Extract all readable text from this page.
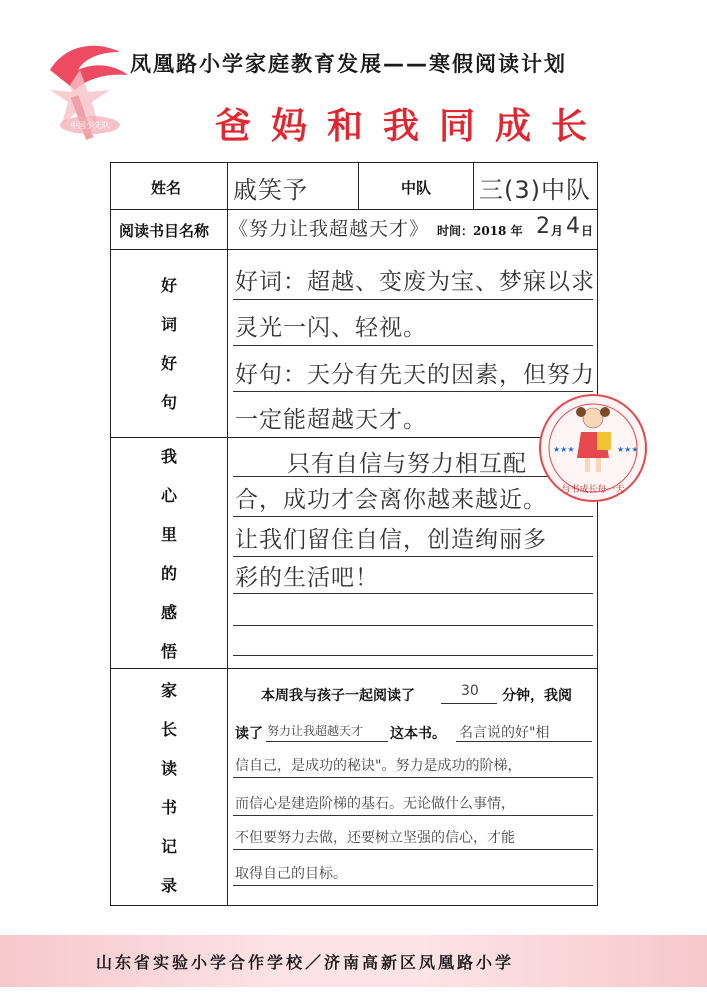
中国少先队
凤凰路小学家庭教育发展——寒假阅读计划
爸妈和我同成长
姓名 戚笑予	中队 三(3)中队
阅读书目名称 《努力让我超越天才》 时间：2018 年 2 月 4 日
好
词
好
句
好词：超越、变废为宝、梦寐以求
灵光一闪、轻视。
好句：天分有先天的因素，但努力
一定能超越天才。
我
心
里
的
感
悟
只有自信与努力相互配
合，成功才会离你越来越近。
让我们留住自信，创造绚丽多
彩的生活吧！
家
长
读
书
记
录
本周我与孩子一起阅读了	30 分钟，我阅
读了 努力让我超越天才 这本书。 名言说的好"相
信自己，是成功的秘诀"。努力是成功的阶梯，
而信心是建造阶梯的基石。无论做什么事情，
不但要努力去做，还要树立坚强的信心，才能
取得自己的目标。
与书成长每一天
★★★	★★★
山东省实验小学合作学校／济南高新区凤凰路小学
